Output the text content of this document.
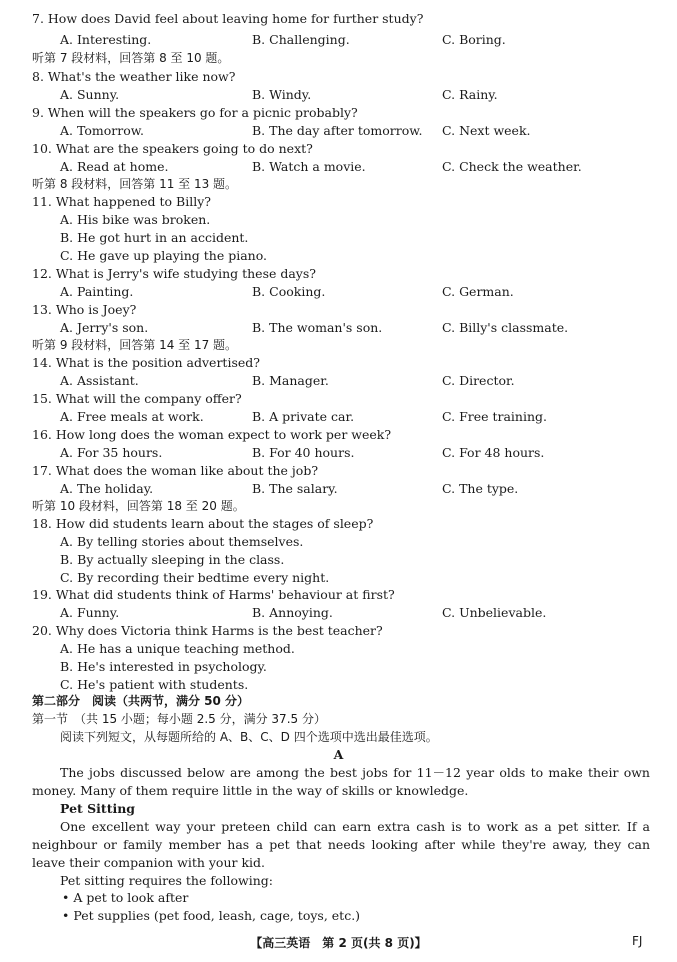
7. How does David feel about leaving home for further study?
A. Interesting.	B. Challenging.	C. Boring.
听第 7 段材料，回答第 8 至 10 题。
8. What's the weather like now?
A. Sunny.	B. Windy.	C. Rainy.
9. When will the speakers go for a picnic probably?
A. Tomorrow.	B. The day after tomorrow. C. Next week.
10. What are the speakers going to do next?
A. Read at home.	B. Watch a movie.	C. Check the weather.
听第 8 段材料，回答第 11 至 13 题。
11. What happened to Billy?
A. His bike was broken.
B. He got hurt in an accident.
C. He gave up playing the piano.
12. What is Jerry's wife studying these days?
A. Painting.	B. Cooking.	C. German.
13. Who is Joey?
A. Jerry's son.	B. The woman's son.	C. Billy's classmate.
听第 9 段材料，回答第 14 至 17 题。
14. What is the position advertised?
A. Assistant.	B. Manager.	C. Director.
15. What will the company offer?
A. Free meals at work.	B. A private car.	C. Free training.
16. How long does the woman expect to work per week?
A. For 35 hours.	B. For 40 hours.	C. For 48 hours.
17. What does the woman like about the job?
A. The holiday.	B. The salary.	C. The type.
听第 10 段材料，回答第 18 至 20 题。
18. How did students learn about the stages of sleep?
A. By telling stories about themselves.
B. By actually sleeping in the class.
C. By recording their bedtime every night.
19. What did students think of Harms' behaviour at first?
A. Funny.	B. Annoying.	C. Unbelievable.
20. Why does Victoria think Harms is the best teacher?
A. He has a unique teaching method.
B. He's interested in psychology.
C. He's patient with students.
第二部分　阅读（共两节，满分 50 分）
第一节　（共 15 小题；每小题 2.5 分，满分 37.5 分）
阅读下列短文，从每题所给的 A、B、C、D 四个选项中选出最佳选项。
A
The jobs discussed below are among the best jobs for 11－12 year olds to make their own money. Many of them require little in the way of skills or knowledge.
Pet Sitting
One excellent way your preteen child can earn extra cash is to work as a pet sitter. If a neighbour or family member has a pet that needs looking after while they're away, they can leave their companion with your kid.
Pet sitting requires the following:
• A pet to look after
• Pet supplies (pet food, leash, cage, toys, etc.)
【高三英语　第 2 页(共 8 页)】	FJ
